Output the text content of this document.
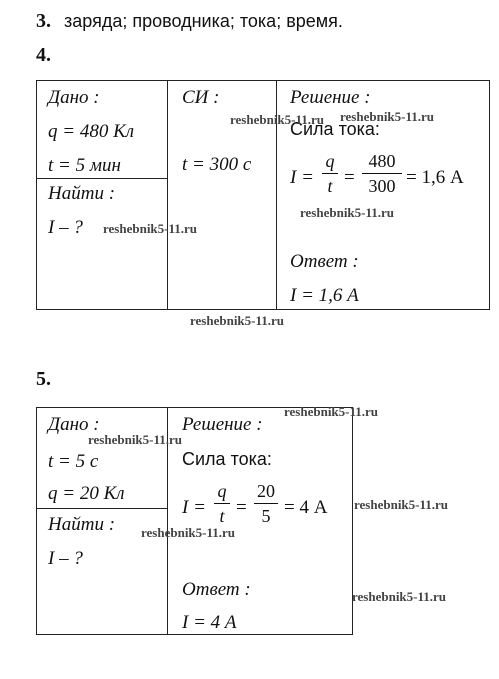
3. заряда; проводника; тока; время.
4.
Дано :
q = 480 Кл
t = 5 мин
Найти :
I – ?
СИ :
t = 300 с
Решение :
Сила тока:
I =
q
t =
480
300 = 1,6 А
Ответ :
I = 1,6 А
5.
Дано :
t = 5 с
q = 20 Кл
Найти :
I – ?
Решение :
Сила тока:
I =
q
t =
20
5 = 4 А
Ответ :
I = 4 А
reshebnik5-11.ru
reshebnik5-11.ru
reshebnik5-11.ru
reshebnik5-11.ru
reshebnik5-11.ru
reshebnik5-11.ru
reshebnik5-11.ru
reshebnik5-11.ru
reshebnik5-11.ru
reshebnik5-11.ru
